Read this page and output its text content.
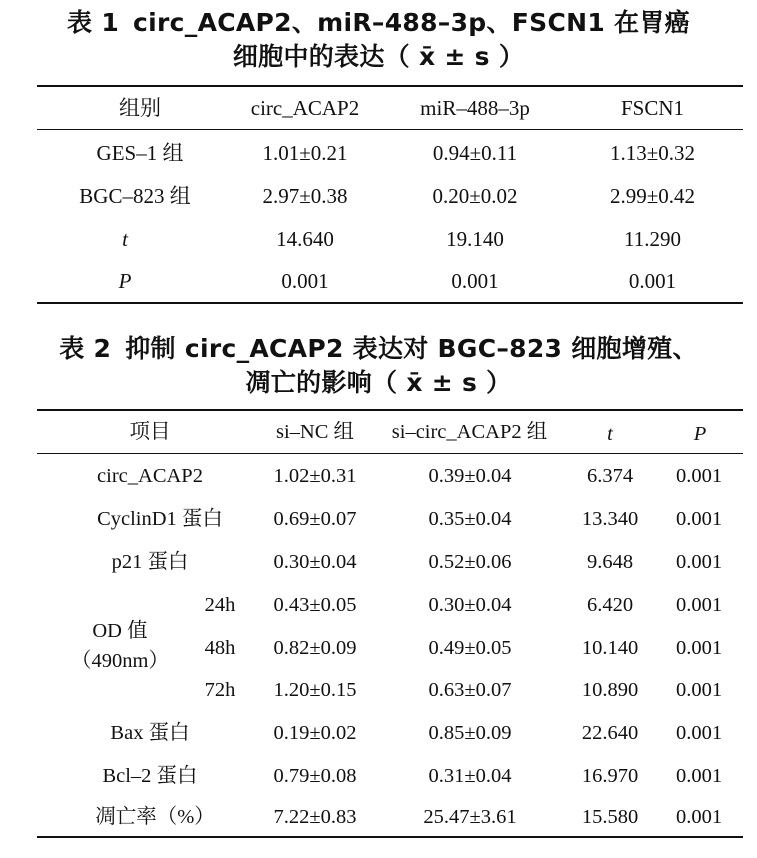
表 1 circ_ACAP2、miR–488–3p、FSCN1 在胃癌
细胞中的表达（ x̄ ± s ）
组别	circ_ACAP2	miR–488–3p	FSCN1
GES–1 组	1.01±0.21	0.94±0.11	1.13±0.32
BGC–823 组	2.97±0.38	0.20±0.02	2.99±0.42
t	14.640	19.140	11.290
P	0.001	0.001	0.001
表 2 抑制 circ_ACAP2 表达对 BGC–823 细胞增殖、
凋亡的影响（ x̄ ± s ）
项目	si–NC 组	si–circ_ACAP2 组	t	P
circ_ACAP2	1.02±0.31	0.39±0.04	6.374	0.001
CyclinD1 蛋白	0.69±0.07	0.35±0.04	13.340	0.001
p21 蛋白	0.30±0.04	0.52±0.06	9.648	0.001
OD 值
（490nm）
24h	0.43±0.05	0.30±0.04	6.420	0.001
48h	0.82±0.09	0.49±0.05	10.140	0.001
72h	1.20±0.15	0.63±0.07	10.890	0.001
Bax 蛋白	0.19±0.02	0.85±0.09	22.640	0.001
Bcl–2 蛋白	0.79±0.08	0.31±0.04	16.970	0.001
凋亡率（%）	7.22±0.83	25.47±3.61	15.580	0.001
